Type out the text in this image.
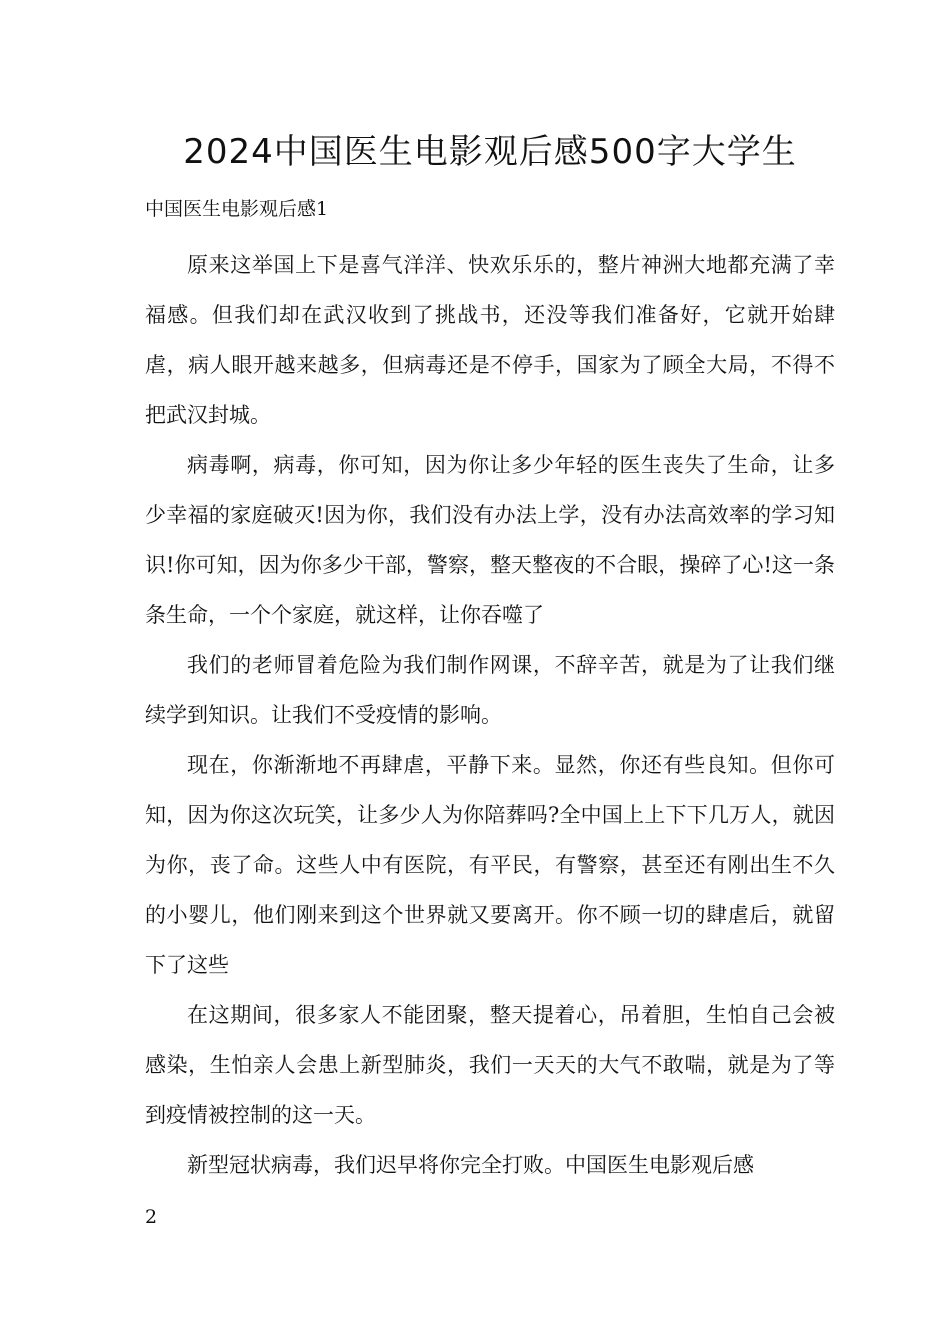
2024中国医生电影观后感500字大学生
中国医生电影观后感1

原来这举国上下是喜气洋洋、快欢乐乐的，整片神洲大地都充满了幸福感。但我们却在武汉收到了挑战书，还没等我们准备好，它就开始肆虐，病人眼开越来越多，但病毒还是不停手，国家为了顾全大局，不得不把武汉封城。

病毒啊，病毒，你可知，因为你让多少年轻的医生丧失了生命，让多少幸福的家庭破灭!因为你，我们没有办法上学，没有办法高效率的学习知识!你可知，因为你多少干部，警察，整天整夜的不合眼，操碎了心!这一条条生命，一个个家庭，就这样，让你吞噬了

我们的老师冒着危险为我们制作网课，不辞辛苦，就是为了让我们继续学到知识。让我们不受疫情的影响。

现在，你渐渐地不再肆虐，平静下来。显然，你还有些良知。但你可知，因为你这次玩笑，让多少人为你陪葬吗?全中国上上下下几万人，就因为你，丧了命。这些人中有医院，有平民，有警察，甚至还有刚出生不久的小婴儿，他们刚来到这个世界就又要离开。你不顾一切的肆虐后，就留下了这些

在这期间，很多家人不能团聚，整天提着心，吊着胆，生怕自己会被感染，生怕亲人会患上新型肺炎，我们一天天的大气不敢喘，就是为了等到疫情被控制的这一天。

新型冠状病毒，我们迟早将你完全打败。中国医生电影观后感

2
